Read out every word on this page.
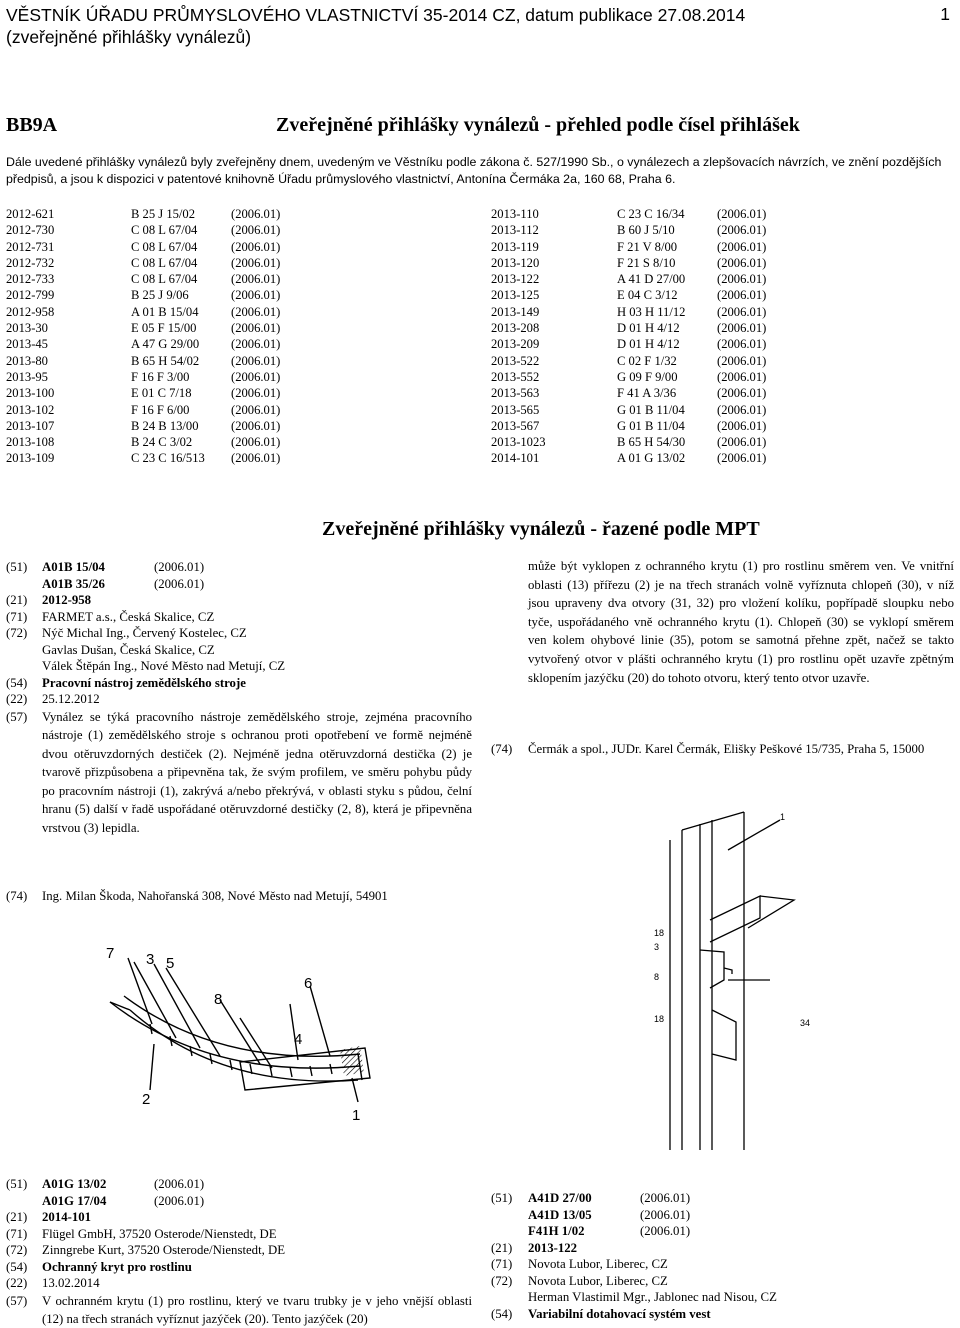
VĚSTNÍK ÚŘADU PRŮMYSLOVÉHO VLASTNICTVÍ 35-2014 CZ, datum publikace 27.08.2014
(zveřejněné přihlášky vynálezů)
1
BB9A	Zveřejněné přihlášky vynálezů - přehled podle čísel přihlášek
Dále uvedené přihlášky vynálezů byly zveřejněny dnem, uvedeným ve Věstníku podle zákona č. 527/1990 Sb., o vynálezech a zlepšovacích návrzích, ve znění pozdějších předpisů, a jsou k dispozici v patentové knihovně Úřadu průmyslového vlastnictví, Antonína Čermáka 2a, 160 68, Praha 6.
2012-621	B 25 J 15/02	(2006.01)
2012-730	C 08 L 67/04	(2006.01)
2012-731	C 08 L 67/04	(2006.01)
2012-732	C 08 L 67/04	(2006.01)
2012-733	C 08 L 67/04	(2006.01)
2012-799	B 25 J 9/06	(2006.01)
2012-958	A 01 B 15/04	(2006.01)
2013-30	E 05 F 15/00	(2006.01)
2013-45	A 47 G 29/00	(2006.01)
2013-80	B 65 H 54/02	(2006.01)
2013-95	F 16 F 3/00	(2006.01)
2013-100	E 01 C 7/18	(2006.01)
2013-102	F 16 F 6/00	(2006.01)
2013-107	B 24 B 13/00	(2006.01)
2013-108	B 24 C 3/02	(2006.01)
2013-109	C 23 C 16/513	(2006.01)
2013-110	C 23 C 16/34	(2006.01)
2013-112	B 60 J 5/10	(2006.01)
2013-119	F 21 V 8/00	(2006.01)
2013-120	F 21 S 8/10	(2006.01)
2013-122	A 41 D 27/00	(2006.01)
2013-125	E 04 C 3/12	(2006.01)
2013-149	H 03 H 11/12	(2006.01)
2013-208	D 01 H 4/12	(2006.01)
2013-209	D 01 H 4/12	(2006.01)
2013-522	C 02 F 1/32	(2006.01)
2013-552	G 09 F 9/00	(2006.01)
2013-563	F 41 A 3/36	(2006.01)
2013-565	G 01 B 11/04	(2006.01)
2013-567	G 01 B 11/04	(2006.01)
2013-1023	B 65 H 54/30	(2006.01)
2014-101	A 01 G 13/02	(2006.01)
Zveřejněné přihlášky vynálezů - řazené podle MPT
(51)	A01B 15/04	(2006.01)
A01B 35/26	(2006.01)
(21)	2012-958
(71)	FARMET a.s., Česká Skalice, CZ
(72)	Nýč Michal Ing., Červený Kostelec, CZ
Gavlas Dušan, Česká Skalice, CZ
Válek Štěpán Ing., Nové Město nad Metují, CZ
(54)	Pracovní nástroj zemědělského stroje
(22)	25.12.2012
(57)	Vynález se týká pracovního nástroje zemědělského stroje, zejména pracovního nástroje (1) zemědělského stroje s ochranou proti opotřebení ve formě nejméně dvou otěruvzdorných destiček (2). Nejméně jedna otěruvzdorná destička (2) je tvarově přizpůsobena a připevněna tak, že svým profilem, ve směru pohybu půdy po pracovním nástroji (1), zakrývá a/nebo překrývá, v oblasti styku s půdou, čelní hranu (5) další v řadě uspořádané otěruvzdorné destičky (2, 8), která je připevněna vrstvou (3) lepidla.
(74)	Ing. Milan Škoda, Nahořanská 308, Nové Město nad Metují, 54901
7 3 5
8
4
6
2
1
může být vyklopen z ochranného krytu (1) pro rostlinu směrem ven. Ve vnitřní oblasti (13) přířezu (2) je na třech stranách volně vyříznuta chlopeň (30), v níž jsou upraveny dva otvory (31, 32) pro vložení kolíku, popřípadě sloupku nebo tyče, uspořádaného vně ochranného krytu (1). Chlopeň (30) se vyklopí směrem ven kolem ohybové linie (35), potom se samotná přehne zpět, načež se takto vytvořený otvor v plášti ochranného krytu (1) pro rostlinu opět uzavře zpětným sklopením jazýčku (20) do tohoto otvoru, který tento otvor uzavře.
(74)	Čermák a spol., JUDr. Karel Čermák, Elišky Peškové 15/735, Praha 5, 15000
1
18
3
8
18	34
(51)	A01G 13/02	(2006.01)
A01G 17/04	(2006.01)
(21)	2014-101
(71)	Flügel GmbH, 37520 Osterode/Nienstedt, DE
(72)	Zinngrebe Kurt, 37520 Osterode/Nienstedt, DE
(54)	Ochranný kryt pro rostlinu
(22)	13.02.2014
(57)	V ochranném krytu (1) pro rostlinu, který ve tvaru trubky je v jeho vnější oblasti (12) na třech stranách vyříznut jazýček (20). Tento jazýček (20)
(51)	A41D 27/00	(2006.01)
A41D 13/05	(2006.01)
F41H 1/02	(2006.01)
(21)	2013-122
(71)	Novota Lubor, Liberec, CZ
(72)	Novota Lubor, Liberec, CZ
Herman Vlastimil Mgr., Jablonec nad Nisou, CZ
(54)	Variabilní dotahovací systém vest
